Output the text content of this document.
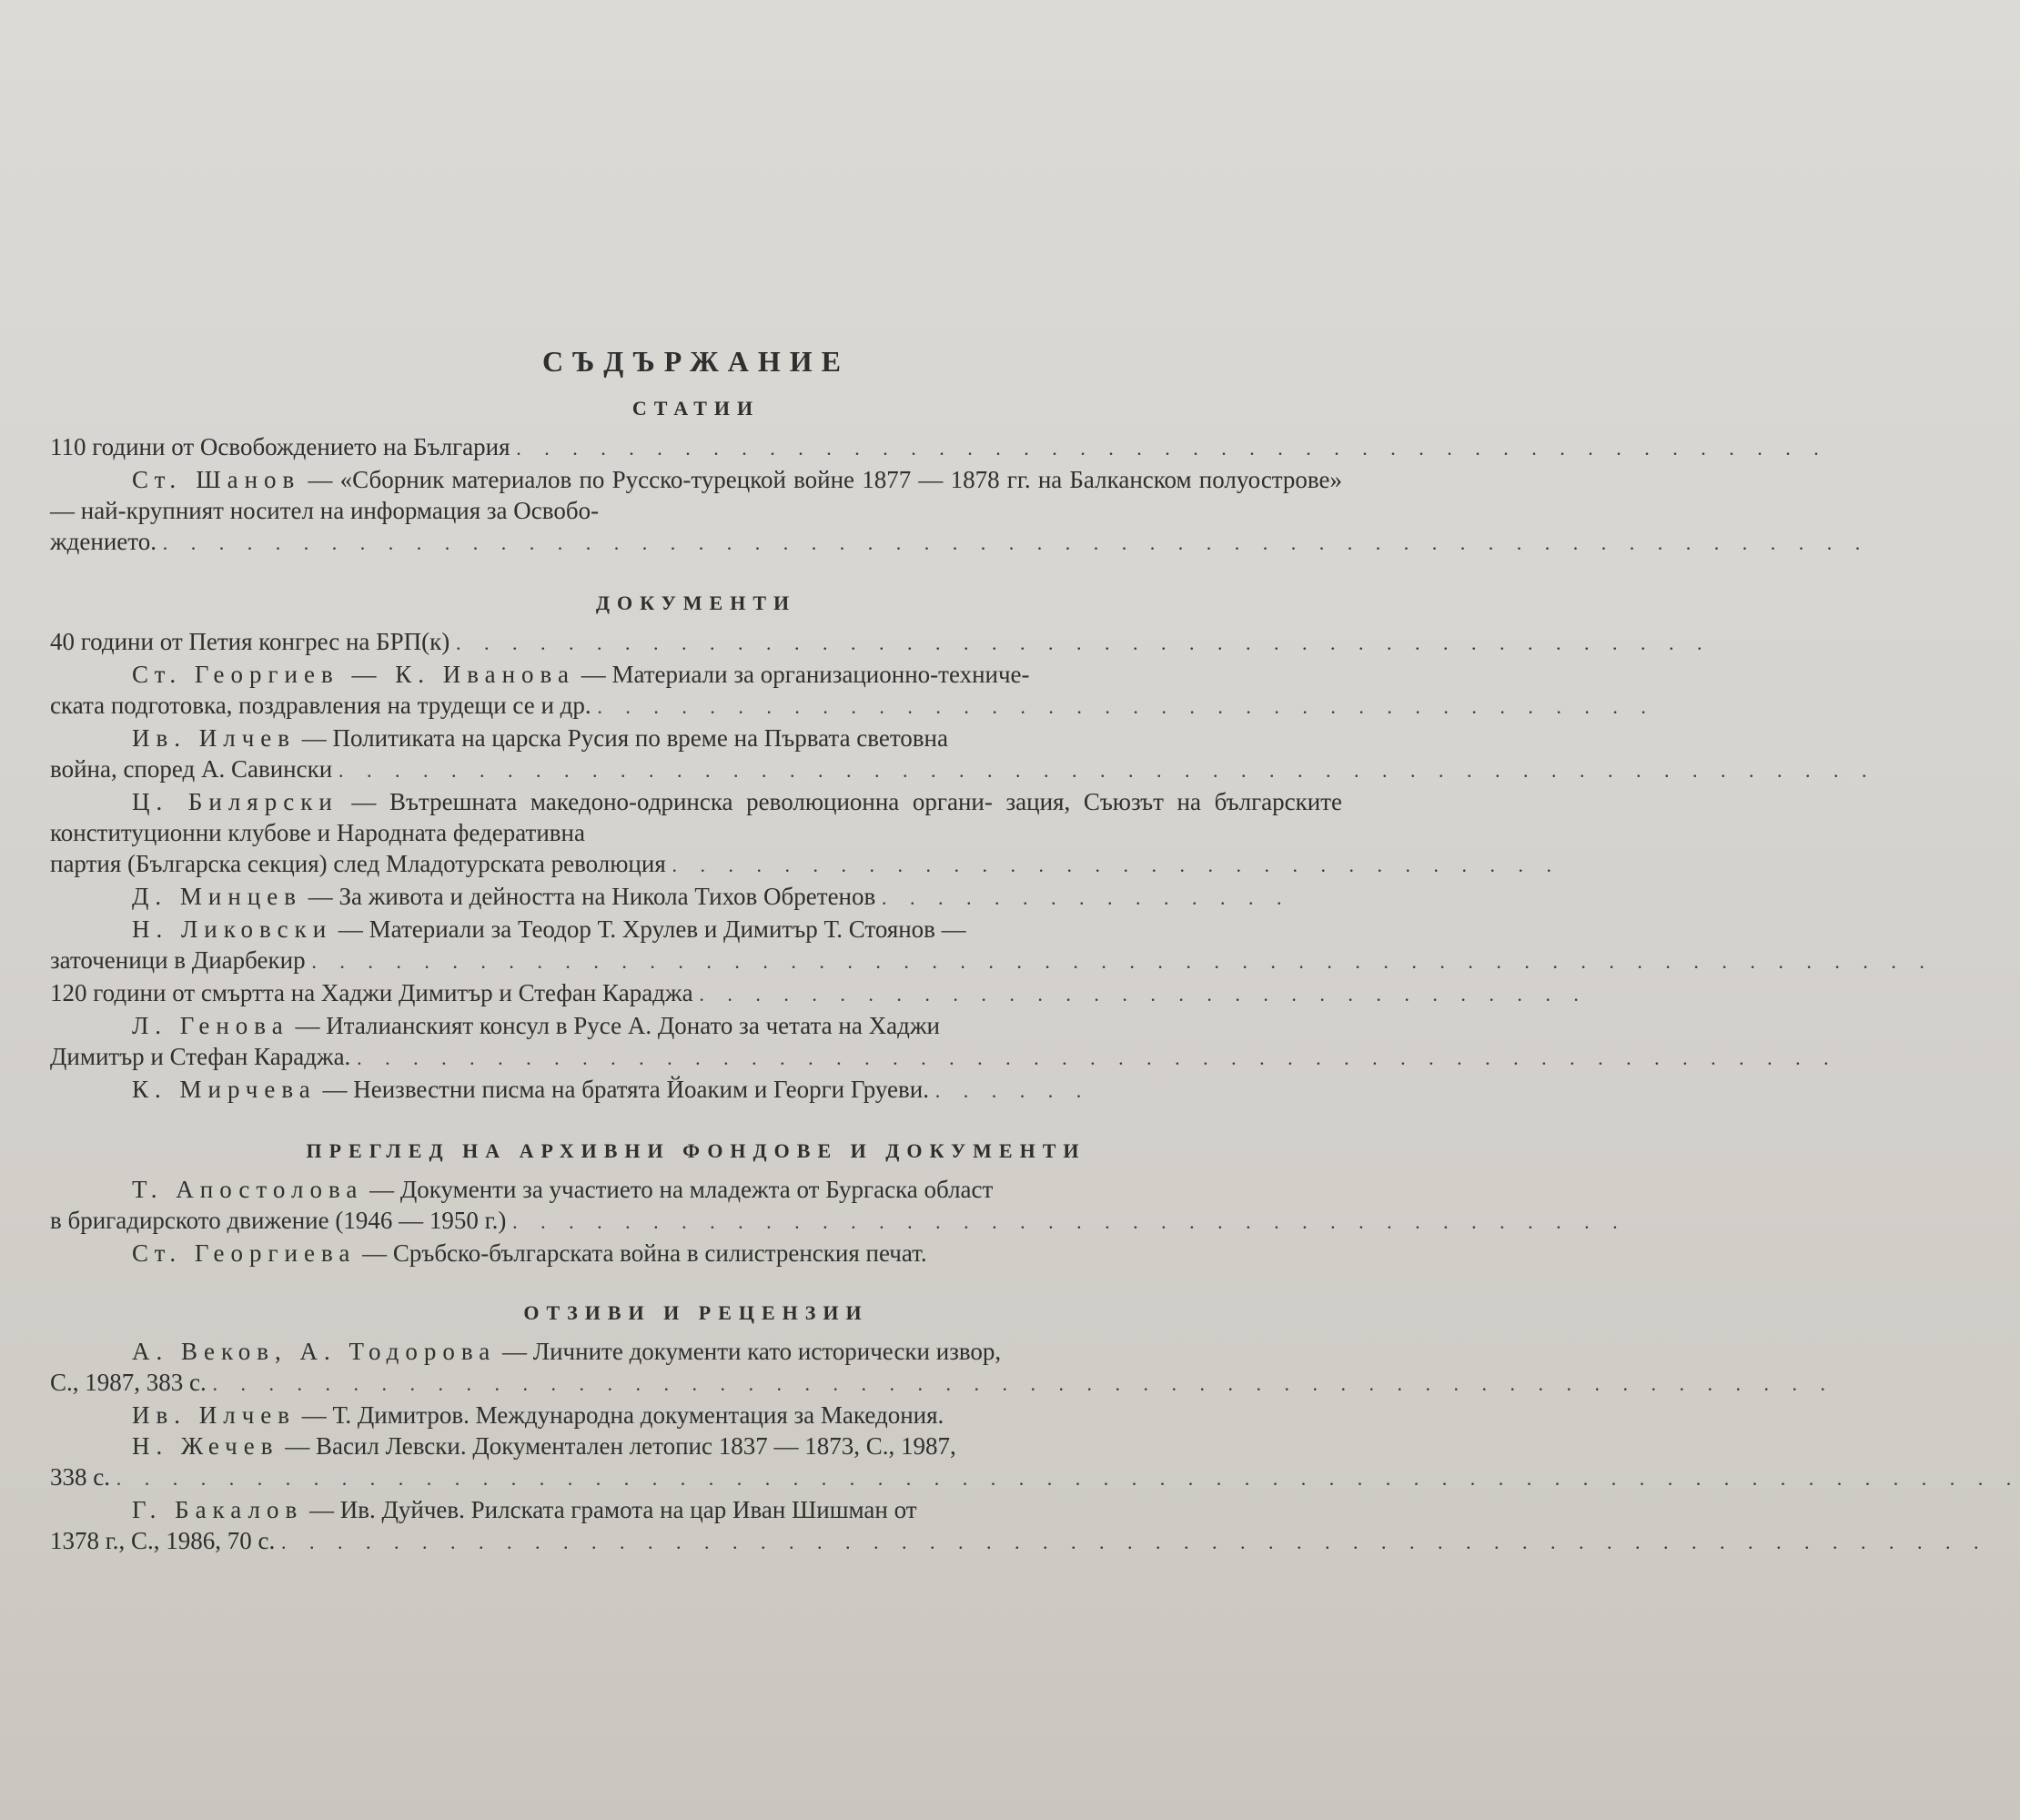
СЪДЪРЖАНИЕ
СТАТИИ
110 години от Освобождението на България . . . . . . . . . . . . . . . . . . . . . . . . . . . . . . . . . . . . . . . . . . . . . . .
Ст. Шанов — «Сборник материалов по Русско-турецкой войне 1877 — 1878 гг. на Балканском полуострове» — най-крупният носител на информация за Освобо-
ждението. . . . . . . . . . . . . . . . . . . . . . . . . . . . . . . . . . . . . . . . . . . . . . . . . . . . . . . . . . . . . .
ДОКУМЕНТИ
40 години от Петия конгрес на БРП(к) . . . . . . . . . . . . . . . . . . . . . . . . . . . . . . . . . . . . . . . . . . . . .
Ст. Георгиев — К. Иванова — Материали за организационно-техниче-
ската подготовка, поздравления на трудещи се и др. . . . . . . . . . . . . . . . . . . . . . . . . . . . . . . . . . . . . . .
Ив. Илчев — Политиката на царска Русия по време на Първата световна
война, според А. Савински . . . . . . . . . . . . . . . . . . . . . . . . . . . . . . . . . . . . . . . . . . . . . . . . . . . . . . .
Ц. Билярски — Вътрешната македоно-одринска революционна органи- зация, Съюзът на българските конституционни клубове и Народната федеративна
партия (Българска секция) след Младотурската революция . . . . . . . . . . . . . . . . . . . . . . . . . . . . . . . .
Д. Минцев — За живота и дейността на Никола Тихов Обретенов . . . . . . . . . . . . . . .
Н. Ликовски — Материали за Теодор Т. Хрулев и Димитър Т. Стоянов —
заточеници в Диарбекир . . . . . . . . . . . . . . . . . . . . . . . . . . . . . . . . . . . . . . . . . . . . . . . . . . . . . . . . . .
120 години от смъртта на Хаджи Димитър и Стефан Караджа . . . . . . . . . . . . . . . . . . . . . . . . . . . . . . . .
Л. Генова — Италианският консул в Русе А. Донато за четата на Хаджи
Димитър и Стефан Караджа. . . . . . . . . . . . . . . . . . . . . . . . . . . . . . . . . . . . . . . . . . . . . . . . . . . . . .
К. Мирчева — Неизвестни писма на братята Йоаким и Георги Груеви. . . . . . .
ПРЕГЛЕД НА АРХИВНИ ФОНДОВЕ И ДОКУМЕНТИ
Т. Апостолова — Документи за участието на младежта от Бургаска област
в бригадирското движение (1946 — 1950 г.) . . . . . . . . . . . . . . . . . . . . . . . . . . . . . . . . . . . . . . . .
Ст. Георгиева — Сръбско-българската война в силистренския печат.
ОТЗИВИ И РЕЦЕНЗИИ
А. Веков, А. Тодорова — Личните документи като исторически извор,
С., 1987, 383 с. . . . . . . . . . . . . . . . . . . . . . . . . . . . . . . . . . . . . . . . . . . . . . . . . . . . . . . . . . .
Ив. Илчев — Т. Димитров. Международна документация за Македония.
Н. Жечев — Васил Левски. Документален летопис 1837 — 1873, С., 1987,
338 с. . . . . . . . . . . . . . . . . . . . . . . . . . . . . . . . . . . . . . . . . . . . . . . . . . . . . . . . . . . . . . . . . . . . .
Г. Бакалов — Ив. Дуйчев. Рилската грамота на цар Иван Шишман от
1378 г., С., 1986, 70 с. . . . . . . . . . . . . . . . . . . . . . . . . . . . . . . . . . . . . . . . . . . . . . . . . . . . . . . . . . . . . .
